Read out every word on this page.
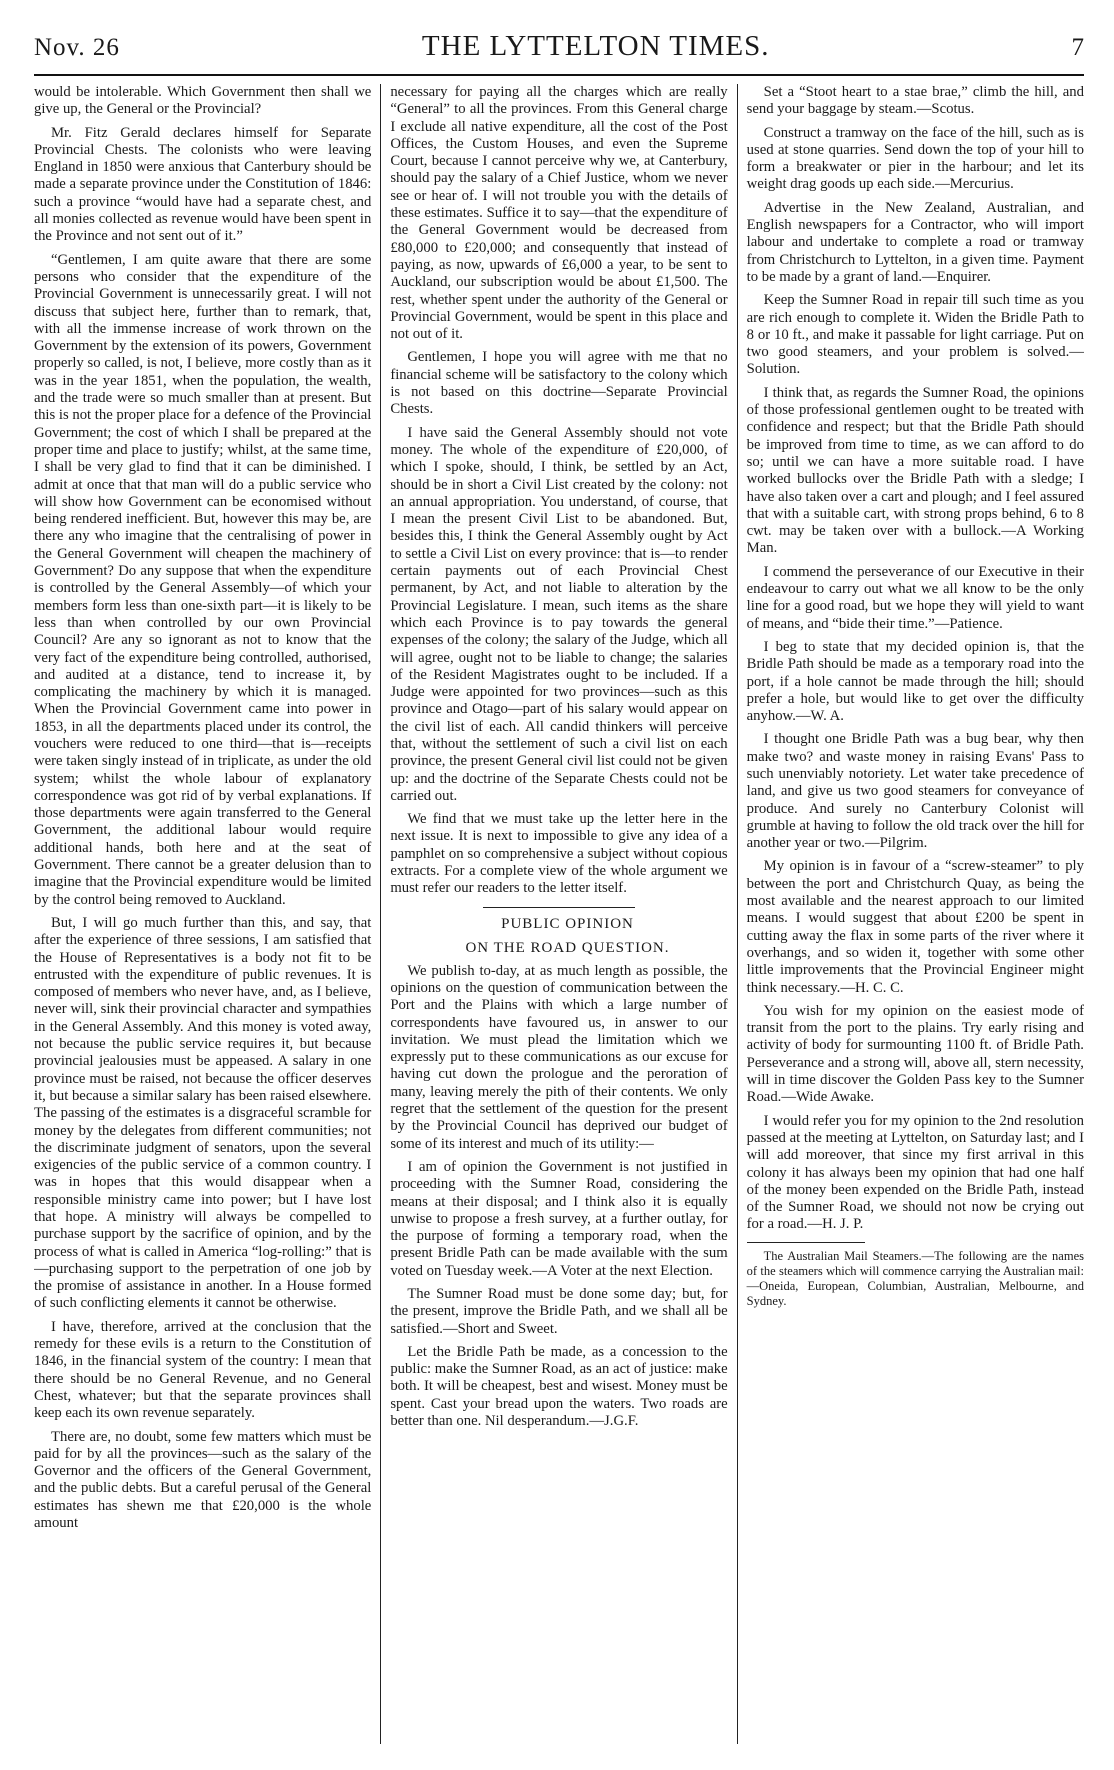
Nov. 26	THE LYTTELTON TIMES.	7

would be intolerable. Which Government then shall we give up, the General or the Provincial?

Mr. Fitz Gerald declares himself for Separate Provincial Chests. The colonists who were leaving England in 1850 were anxious that Canterbury should be made a separate province under the Constitution of 1846: such a province “would have had a separate chest, and all monies collected as revenue would have been spent in the Province and not sent out of it.”

“Gentlemen, I am quite aware that there are some persons who consider that the expenditure of the Provincial Government is unnecessarily great. I will not discuss that subject here, further than to remark, that, with all the immense increase of work thrown on the Government by the extension of its powers, Government properly so called, is not, I believe, more costly than as it was in the year 1851, when the population, the wealth, and the trade were so much smaller than at present. But this is not the proper place for a defence of the Provincial Government; the cost of which I shall be prepared at the proper time and place to justify; whilst, at the same time, I shall be very glad to find that it can be diminished. I admit at once that that man will do a public service who will show how Government can be economised without being rendered inefficient. But, however this may be, are there any who imagine that the centralising of power in the General Government will cheapen the machinery of Government? Do any suppose that when the expenditure is controlled by the General Assembly—of which your members form less than one-sixth part—it is likely to be less than when controlled by our own Provincial Council? Are any so ignorant as not to know that the very fact of the expenditure being controlled, authorised, and audited at a distance, tend to increase it, by complicating the machinery by which it is managed. When the Provincial Government came into power in 1853, in all the departments placed under its control, the vouchers were reduced to one third—that is—receipts were taken singly instead of in triplicate, as under the old system; whilst the whole labour of explanatory correspondence was got rid of by verbal explanations. If those departments were again transferred to the General Government, the additional labour would require additional hands, both here and at the seat of Government. There cannot be a greater delusion than to imagine that the Provincial expenditure would be limited by the control being removed to Auckland.

But, I will go much further than this, and say, that after the experience of three sessions, I am satisfied that the House of Representatives is a body not fit to be entrusted with the expenditure of public revenues. It is composed of members who never have, and, as I believe, never will, sink their provincial character and sympathies in the General Assembly. And this money is voted away, not because the public service requires it, but because provincial jealousies must be appeased. A salary in one province must be raised, not because the officer deserves it, but because a similar salary has been raised elsewhere. The passing of the estimates is a disgraceful scramble for money by the delegates from different communities; not the discriminate judgment of senators, upon the several exigencies of the public service of a common country. I was in hopes that this would disappear when a responsible ministry came into power; but I have lost that hope. A ministry will always be compelled to purchase support by the sacrifice of opinion, and by the process of what is called in America “log-rolling:” that is—purchasing support to the perpetration of one job by the promise of assistance in another. In a House formed of such conflicting elements it cannot be otherwise.

I have, therefore, arrived at the conclusion that the remedy for these evils is a return to the Constitution of 1846, in the financial system of the country: I mean that there should be no General Revenue, and no General Chest, whatever; but that the separate provinces shall keep each its own revenue separately.

There are, no doubt, some few matters which must be paid for by all the provinces—such as the salary of the Governor and the officers of the General Government, and the public debts. But a careful perusal of the General estimates has shewn me that £20,000 is the whole amount

necessary for paying all the charges which are really “General” to all the provinces. From this General charge I exclude all native expenditure, all the cost of the Post Offices, the Custom Houses, and even the Supreme Court, because I cannot perceive why we, at Canterbury, should pay the salary of a Chief Justice, whom we never see or hear of. I will not trouble you with the details of these estimates. Suffice it to say—that the expenditure of the General Government would be decreased from £80,000 to £20,000; and consequently that instead of paying, as now, upwards of £6,000 a year, to be sent to Auckland, our subscription would be about £1,500. The rest, whether spent under the authority of the General or Provincial Government, would be spent in this place and not out of it.

Gentlemen, I hope you will agree with me that no financial scheme will be satisfactory to the colony which is not based on this doctrine—Separate Provincial Chests.

I have said the General Assembly should not vote money. The whole of the expenditure of £20,000, of which I spoke, should, I think, be settled by an Act, should be in short a Civil List created by the colony: not an annual appropriation. You understand, of course, that I mean the present Civil List to be abandoned. But, besides this, I think the General Assembly ought by Act to settle a Civil List on every province: that is—to render certain payments out of each Provincial Chest permanent, by Act, and not liable to alteration by the Provincial Legislature. I mean, such items as the share which each Province is to pay towards the general expenses of the colony; the salary of the Judge, which all will agree, ought not to be liable to change; the salaries of the Resident Magistrates ought to be included. If a Judge were appointed for two provinces—such as this province and Otago—part of his salary would appear on the civil list of each. All candid thinkers will perceive that, without the settlement of such a civil list on each province, the present General civil list could not be given up: and the doctrine of the Separate Chests could not be carried out.

We find that we must take up the letter here in the next issue. It is next to impossible to give any idea of a pamphlet on so comprehensive a subject without copious extracts. For a complete view of the whole argument we must refer our readers to the letter itself.

PUBLIC OPINION

ON THE ROAD QUESTION.

We publish to-day, at as much length as possible, the opinions on the question of communication between the Port and the Plains with which a large number of correspondents have favoured us, in answer to our invitation. We must plead the limitation which we expressly put to these communications as our excuse for having cut down the prologue and the peroration of many, leaving merely the pith of their contents. We only regret that the settlement of the question for the present by the Provincial Council has deprived our budget of some of its interest and much of its utility:—

I am of opinion the Government is not justified in proceeding with the Sumner Road, considering the means at their disposal; and I think also it is equally unwise to propose a fresh survey, at a further outlay, for the purpose of forming a temporary road, when the present Bridle Path can be made available with the sum voted on Tuesday week.—A Voter at the next Election.

The Sumner Road must be done some day; but, for the present, improve the Bridle Path, and we shall all be satisfied.—Short and Sweet.

Let the Bridle Path be made, as a concession to the public: make the Sumner Road, as an act of justice: make both. It will be cheapest, best and wisest. Money must be spent. Cast your bread upon the waters. Two roads are better than one. Nil desperandum.—J.G.F.

Set a “Stoot heart to a stae brae,” climb the hill, and send your baggage by steam.—Scotus.

Construct a tramway on the face of the hill, such as is used at stone quarries. Send down the top of your hill to form a breakwater or pier in the harbour; and let its weight drag goods up each side.—Mercurius.

Advertise in the New Zealand, Australian, and English newspapers for a Contractor, who will import labour and undertake to complete a road or tramway from Christchurch to Lyttelton, in a given time. Payment to be made by a grant of land.—Enquirer.

Keep the Sumner Road in repair till such time as you are rich enough to complete it. Widen the Bridle Path to 8 or 10 ft., and make it passable for light carriage. Put on two good steamers, and your problem is solved.—Solution.

I think that, as regards the Sumner Road, the opinions of those professional gentlemen ought to be treated with confidence and respect; but that the Bridle Path should be improved from time to time, as we can afford to do so; until we can have a more suitable road. I have worked bullocks over the Bridle Path with a sledge; I have also taken over a cart and plough; and I feel assured that with a suitable cart, with strong props behind, 6 to 8 cwt. may be taken over with a bullock.—A Working Man.

I commend the perseverance of our Executive in their endeavour to carry out what we all know to be the only line for a good road, but we hope they will yield to want of means, and “bide their time.”—Patience.

I beg to state that my decided opinion is, that the Bridle Path should be made as a temporary road into the port, if a hole cannot be made through the hill; should prefer a hole, but would like to get over the difficulty anyhow.—W. A.

I thought one Bridle Path was a bug bear, why then make two? and waste money in raising Evans' Pass to such unenviably notoriety. Let water take precedence of land, and give us two good steamers for conveyance of produce. And surely no Canterbury Colonist will grumble at having to follow the old track over the hill for another year or two.—Pilgrim.

My opinion is in favour of a “screw-steamer” to ply between the port and Christchurch Quay, as being the most available and the nearest approach to our limited means. I would suggest that about £200 be spent in cutting away the flax in some parts of the river where it overhangs, and so widen it, together with some other little improvements that the Provincial Engineer might think necessary.—H. C. C.

You wish for my opinion on the easiest mode of transit from the port to the plains. Try early rising and activity of body for surmounting 1100 ft. of Bridle Path. Perseverance and a strong will, above all, stern necessity, will in time discover the Golden Pass key to the Sumner Road.—Wide Awake.

I would refer you for my opinion to the 2nd resolution passed at the meeting at Lyttelton, on Saturday last; and I will add moreover, that since my first arrival in this colony it has always been my opinion that had one half of the money been expended on the Bridle Path, instead of the Sumner Road, we should not now be crying out for a road.—H. J. P.

The Australian Mail Steamers.—The following are the names of the steamers which will commence carrying the Australian mail:—Oneida, European, Columbian, Australian, Melbourne, and Sydney.
